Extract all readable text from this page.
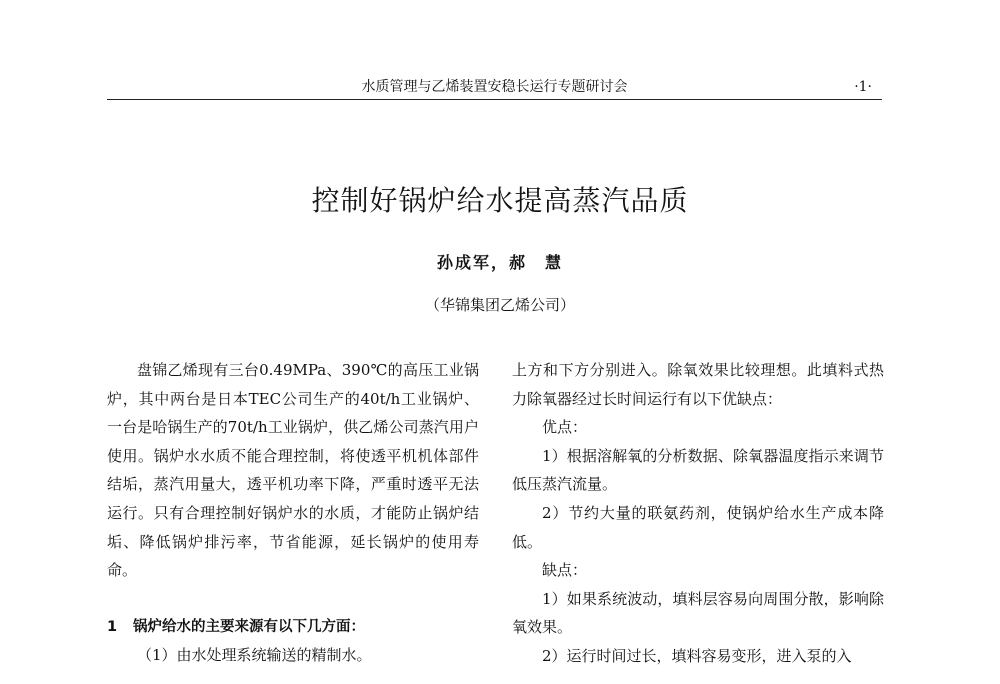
水质管理与乙烯装置安稳长运行专题研讨会	·1·
控制好锅炉给水提高蒸汽品质
孙成军，郝　慧
（华锦集团乙烯公司）

盘锦乙烯现有三台0.49MPa、390℃的高压工业锅炉，其中两台是日本TEC公司生产的40t/h工业锅炉、一台是哈锅生产的70t/h工业锅炉，供乙烯公司蒸汽用户使用。锅炉水水质不能合理控制，将使透平机机体部件结垢，蒸汽用量大，透平机功率下降，严重时透平无法运行。只有合理控制好锅炉水的水质，才能防止锅炉结垢、降低锅炉排污率，节省能源，延长锅炉的使用寿命。

1 锅炉给水的主要来源有以下几方面：

（1）由水处理系统输送的精制水。

上方和下方分别进入。除氧效果比较理想。此填料式热力除氧器经过长时间运行有以下优缺点：

优点：

1）根据溶解氧的分析数据、除氧器温度指示来调节低压蒸汽流量。

2）节约大量的联氨药剂，使锅炉给水生产成本降低。

缺点：

1）如果系统波动，填料层容易向周围分散，影响除氧效果。

2）运行时间过长，填料容易变形，进入泵的入
